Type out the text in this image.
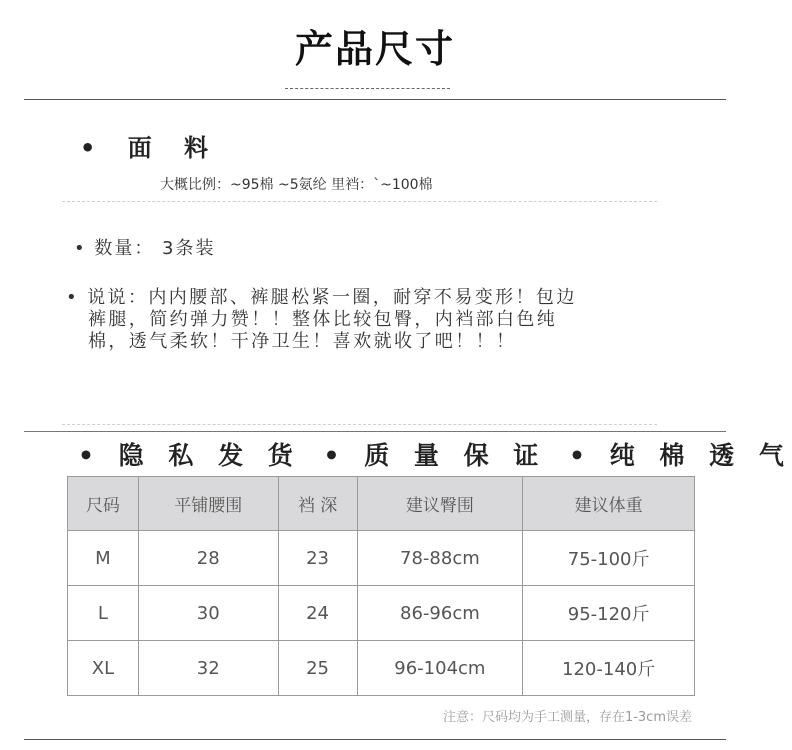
产品尺寸
• 面 料
大概比例：~95棉 ~5氨纶 里裆：`~100棉
• 数量： 3条装
• 说说：内内腰部、裤腿松紧一圈，耐穿不易变形！包边
裤腿，简约弹力赞！！整体比较包臀，内裆部白色纯
棉，透气柔软！干净卫生！喜欢就收了吧！！！
• 隐 私 发 货 • 质 量 保 证 • 纯 棉 透 气
尺码	平铺腰围	裆 深	建议臀围	建议体重
M	28	23	78-88cm	75-100斤
L	30	24	86-96cm	95-120斤
XL	32	25	96-104cm	120-140斤
注意：尺码均为手工测量，存在1-3cm误差
